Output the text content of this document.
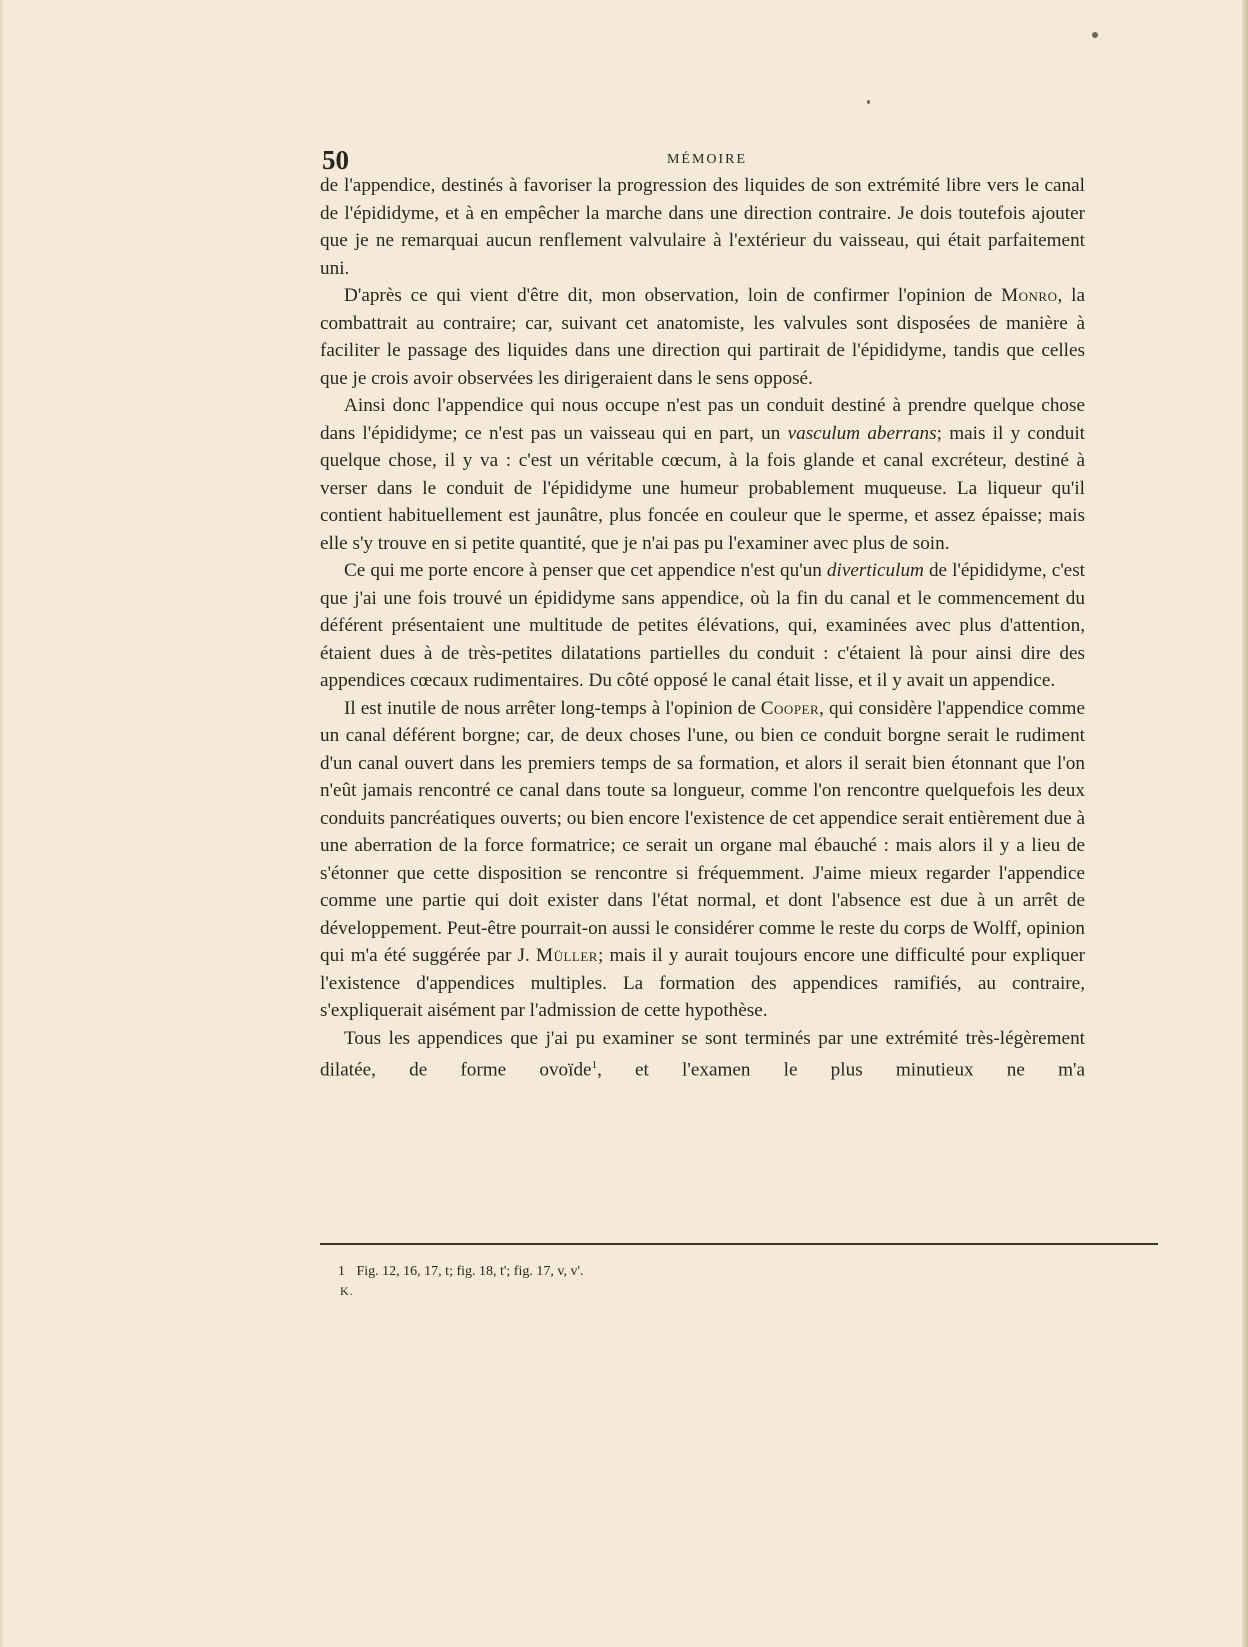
50	MÉMOIRE

de l'appendice, destinés à favoriser la progression des liquides de son extrémité libre vers le canal de l'épididyme, et à en empêcher la marche dans une direction contraire. Je dois toutefois ajouter que je ne remarquai aucun renflement valvulaire à l'extérieur du vaisseau, qui était parfaitement uni.

D'après ce qui vient d'être dit, mon observation, loin de confirmer l'opinion de Monro, la combattrait au contraire; car, suivant cet anatomiste, les valvules sont disposées de manière à faciliter le passage des liquides dans une direction qui partirait de l'épididyme, tandis que celles que je crois avoir observées les dirigeraient dans le sens opposé.

Ainsi donc l'appendice qui nous occupe n'est pas un conduit destiné à prendre quelque chose dans l'épididyme; ce n'est pas un vaisseau qui en part, un vasculum aberrans; mais il y conduit quelque chose, il y va : c'est un véritable cœcum, à la fois glande et canal excréteur, destiné à verser dans le conduit de l'épididyme une humeur probablement muqueuse. La liqueur qu'il contient habituellement est jaunâtre, plus foncée en couleur que le sperme, et assez épaisse; mais elle s'y trouve en si petite quantité, que je n'ai pas pu l'examiner avec plus de soin.

Ce qui me porte encore à penser que cet appendice n'est qu'un diverticulum de l'épididyme, c'est que j'ai une fois trouvé un épididyme sans appendice, où la fin du canal et le commencement du déférent présentaient une multitude de petites élévations, qui, examinées avec plus d'attention, étaient dues à de très-petites dilatations partielles du conduit : c'étaient là pour ainsi dire des appendices cœcaux rudimentaires. Du côté opposé le canal était lisse, et il y avait un appendice.

Il est inutile de nous arrêter long-temps à l'opinion de Cooper, qui considère l'appendice comme un canal déférent borgne; car, de deux choses l'une, ou bien ce conduit borgne serait le rudiment d'un canal ouvert dans les premiers temps de sa formation, et alors il serait bien étonnant que l'on n'eût jamais rencontré ce canal dans toute sa longueur, comme l'on rencontre quelquefois les deux conduits pancréatiques ouverts; ou bien encore l'existence de cet appendice serait entièrement due à une aberration de la force formatrice; ce serait un organe mal ébauché : mais alors il y a lieu de s'étonner que cette disposition se rencontre si fréquemment. J'aime mieux regarder l'appendice comme une partie qui doit exister dans l'état normal, et dont l'absence est due à un arrêt de développement. Peut-être pourrait-on aussi le considérer comme le reste du corps de Wolff, opinion qui m'a été suggérée par J. Müller; mais il y aurait toujours encore une difficulté pour expliquer l'existence d'appendices multiples. La formation des appendices ramifiés, au contraire, s'expliquerait aisément par l'admission de cette hypothèse.

Tous les appendices que j'ai pu examiner se sont terminés par une extrémité très-légèrement dilatée, de forme ovoïde$^1$, et l'examen le plus minutieux ne m'a

1 Fig. 12, 16, 17, t; fig. 18, t'; fig. 17, v, v'.
K.
